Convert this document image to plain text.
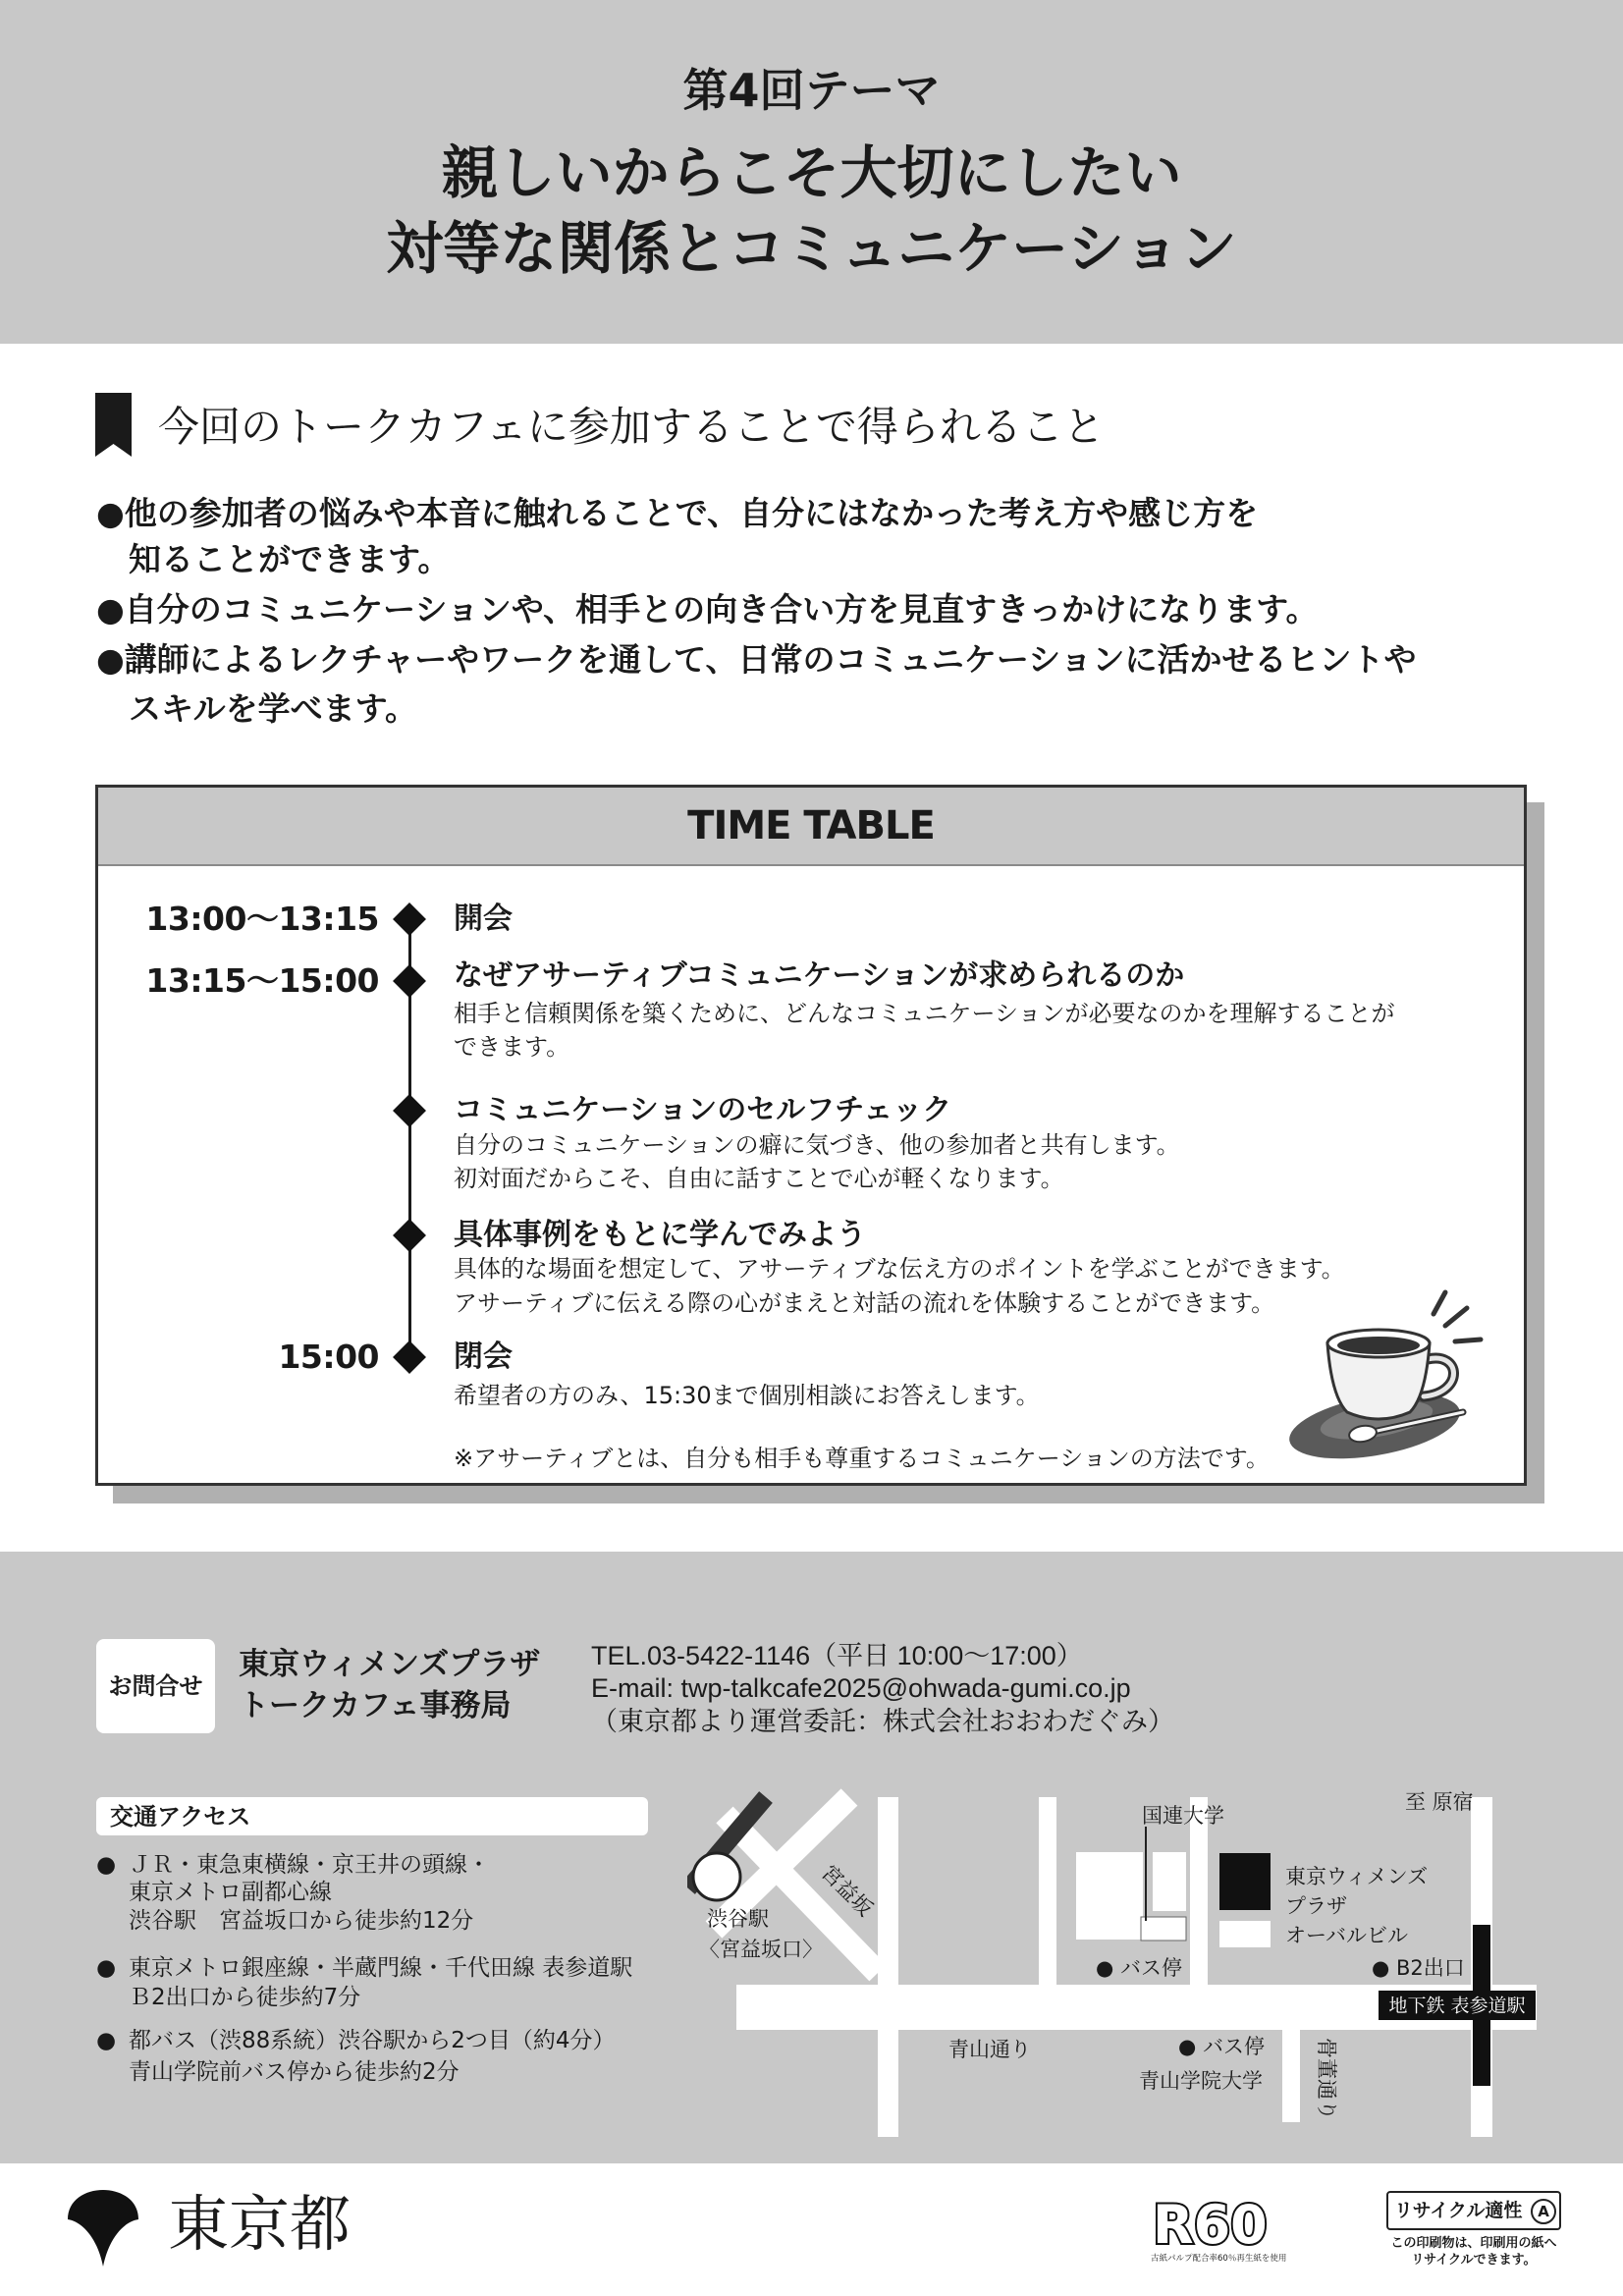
第4回テーマ
親しいからこそ大切にしたい
対等な関係とコミュニケーション
今回のトークカフェに参加することで得られること
●他の参加者の悩みや本音に触れることで、自分にはなかった考え方や感じ方を
知ることができます。
●自分のコミュニケーションや、相手との向き合い方を見直すきっかけになります。
●講師によるレクチャーやワークを通して、日常のコミュニケーションに活かせるヒントや
スキルを学べます。
TIME TABLE
13:00〜13:15	開会
13:15〜15:00	なぜアサーティブコミュニケーションが求められるのか
相手と信頼関係を築くために、どんなコミュニケーションが必要なのかを理解することが
できます。
コミュニケーションのセルフチェック
自分のコミュニケーションの癖に気づき、他の参加者と共有します。
初対面だからこそ、自由に話すことで心が軽くなります。
具体事例をもとに学んでみよう
具体的な場面を想定して、アサーティブな伝え方のポイントを学ぶことができます。
アサーティブに伝える際の心がまえと対話の流れを体験することができます。
15:00	閉会
希望者の方のみ、15:30まで個別相談にお答えします。
※アサーティブとは、自分も相手も尊重するコミュニケーションの方法です。
お問合せ
東京ウィメンズプラザ
トークカフェ事務局
TEL.03-5422-1146（平日 10:00〜17:00）
E-mail: twp-talkcafe2025@ohwada-gumi.co.jp
（東京都より運営委託：株式会社おおわだぐみ）
交通アクセス
● ＪＲ・東急東横線・京王井の頭線・
東京メトロ副都心線
渋谷駅　宮益坂口から徒歩約12分
● 東京メトロ銀座線・半蔵門線・千代田線 表参道駅
Ｂ2出口から徒歩約7分
● 都バス（渋88系統）渋谷駅から2つ目（約4分）
青山学院前バス停から徒歩約2分
至 原宿
国連大学
渋谷駅
〈宮益坂口〉
宮益坂	東京ウィメンズ
プラザ
オーバルビル
● バス停	● B2出口
青山通り	● バス停
青山学院大学	骨董通り
地下鉄 表参道駅
東京都	R60
古紙パルプ配合率60％再生紙を使用
リサイクル適性	A
この印刷物は、印刷用の紙へ
リサイクルできます。
